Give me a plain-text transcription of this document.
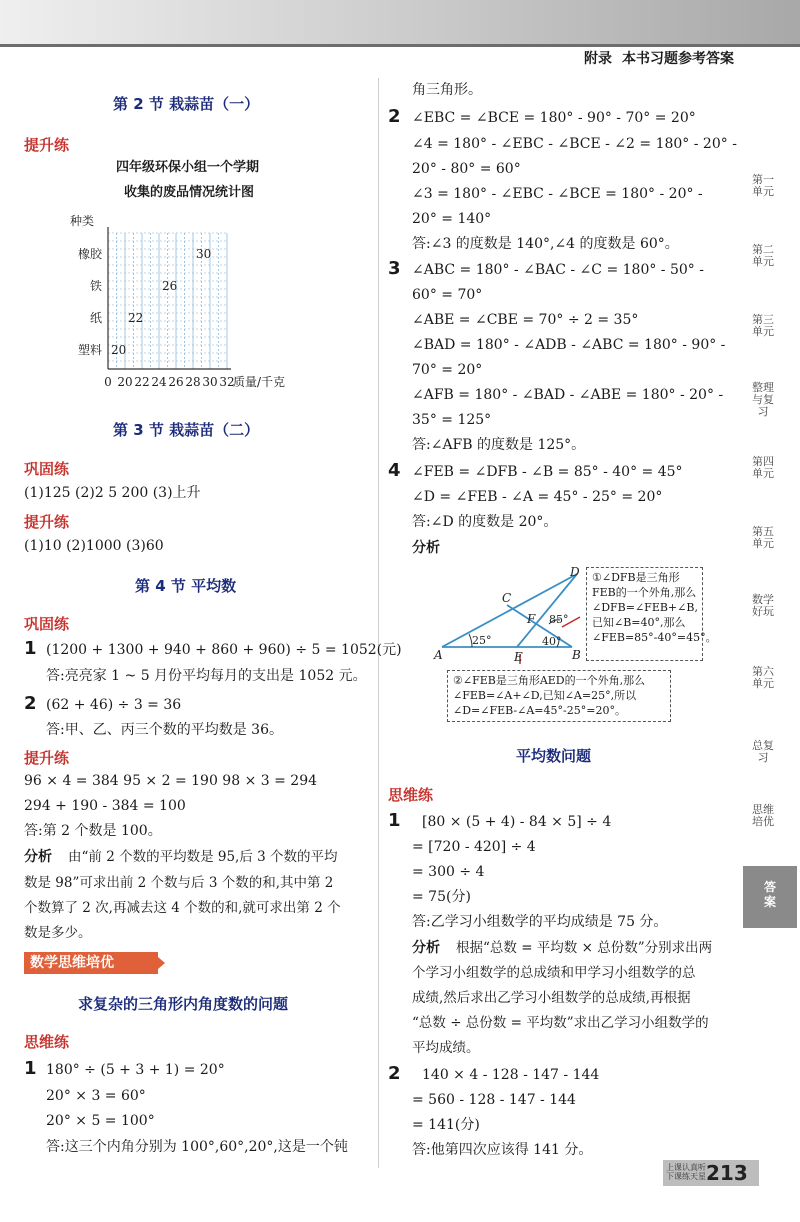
附录 本书习题参考答案
第 2 节 栽蒜苗（一）
提升练
四年级环保小组一个学期
收集的废品情况统计图
20
22
26
30
塑料
纸
铁
橡胶
0 20 22 24 26 28 30 32
种类
质量/千克
第 3 节 栽蒜苗（二）
巩固练
(1)125 (2)2 5 200 (3)上升
提升练
(1)10 (2)1000 (3)60
第 4 节 平均数
巩固练
1 (1200 + 1300 + 940 + 860 + 960) ÷ 5 = 1052(元)
答:亮亮家 1 ~ 5 月份平均每月的支出是 1052 元。
2 (62 + 46) ÷ 3 = 36
答:甲、乙、丙三个数的平均数是 36。
提升练
96 × 4 = 384 95 × 2 = 190 98 × 3 = 294
294 + 190 - 384 = 100
答:第 2 个数是 100。
分析 由“前 2 个数的平均数是 95,后 3 个数的平均
数是 98”可求出前 2 个数与后 3 个数的和,其中第 2
个数算了 2 次,再减去这 4 个数的和,就可求出第 2 个
数是多少。
数学思维培优
求复杂的三角形内角度数的问题
思维练
1 180° ÷ (5 + 3 + 1) = 20°
20° × 3 = 60°
20° × 5 = 100°
答:这三个内角分别为 100°,60°,20°,这是一个钝
角三角形。
2 ∠EBC = ∠BCE = 180° - 90° - 70° = 20°
∠4 = 180° - ∠EBC - ∠BCE - ∠2 = 180° - 20° -
20° - 80° = 60°
∠3 = 180° - ∠EBC - ∠BCE = 180° - 20° -
20° = 140°
答:∠3 的度数是 140°,∠4 的度数是 60°。
3 ∠ABC = 180° - ∠BAC - ∠C = 180° - 50° -
60° = 70°
∠ABE = ∠CBE = 70° ÷ 2 = 35°
∠BAD = 180° - ∠ADB - ∠ABC = 180° - 90° -
70° = 20°
∠AFB = 180° - ∠BAD - ∠ABE = 180° - 20° -
35° = 125°
答:∠AFB 的度数是 125°。
4 ∠FEB = ∠DFB - ∠B = 85° - 40° = 45°
∠D = ∠FEB - ∠A = 45° - 25° = 20°
答:∠D 的度数是 20°。
分析
A	B
C
D
E
F
25°	40°
85°
①∠DFB是三角形FEB的一个外角,那么∠DFB=∠FEB+∠B,已知∠B=40°,那么∠FEB=85°-40°=45°。
②∠FEB是三角形AED的一个外角,那么∠FEB=∠A+∠D,已知∠A=25°,所以∠D=∠FEB-∠A=45°-25°=20°。
平均数问题
思维练
1 [80 × (5 + 4) - 84 × 5] ÷ 4
= [720 - 420] ÷ 4
= 300 ÷ 4
= 75(分)
答:乙学习小组数学的平均成绩是 75 分。
分析 根据“总数 = 平均数 × 总份数”分别求出两
个学习小组数学的总成绩和甲学习小组数学的总
成绩,然后求出乙学习小组数学的总成绩,再根据
“总数 ÷ 总份数 = 平均数”求出乙学习小组数学的
平均成绩。
2 140 × 4 - 128 - 147 - 144
= 560 - 128 - 147 - 144
= 141(分)
答:他第四次应该得 141 分。
第一单元
第二单元
第三单元
整理与复习
第四单元
第五单元
数学好玩
第六单元
总复习
思维培优
答案
上课认真听
下课练天星 213
